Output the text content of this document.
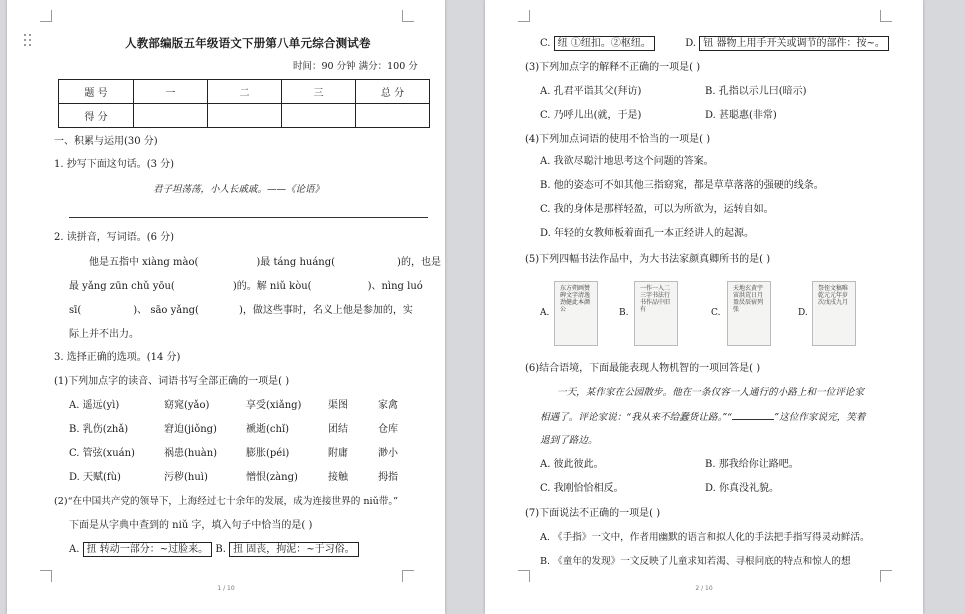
人教部编版五年级语文下册第八单元综合测试卷
时间：90 分钟 满分：100 分
题 号	一	二	三	总 分
得 分				
一、积累与运用(30 分)
1. 抄写下面这句话。(3 分)
君子坦荡荡，小人长戚戚。——《论语》
2. 读拼音，写词语。(6 分)
他是五指中 xiàng mào(	)最 táng huáng(	)的，也是
最 yǎng zūn chǔ yōu(	)的。解 niǔ kòu(	)、nìng luó
sī(	)、 sāo yǎng(	)，做这些事时，名义上他是参加的，实
际上并不出力。
3. 选择正确的选项。(14 分)
(1)下列加点字的读音、词语书写全部正确的一项是( )
A. 遥远(yì)	窈窕(yǎo)	享受(xiǎng)	渠图	家禽
B. 乳伤(zhǎ)	窘迫(jiǒng)	褫逝(chǐ)	团结	仓库
C. 管弦(xuán)	祸患(huàn)	膨胀(péi)	附庸	渺小
D. 天赋(fù)	污秽(huì)	憎恨(zàng)	接触	拇指
(2)“在中国共产党的领导下，上海经过七十余年的发展，成为连接世界的 niǔ带。”
下面是从字典中查到的 niǔ 字，填入句子中恰当的是( )
A. 扭 转动一部分：~过脸来。 B. 扭 固丧，拘泥：~于习俗。
1 / 10
C. 纽 ①纽扣。②枢纽。	D. 钮 器物上用手开关或调节的部件：按~。
(3)下列加点字的解释不正确的一项是( )
A. 孔君平诣其父(拜访)	B. 孔指以示儿曰(暗示)
C. 乃呼儿出(就，于是)	D. 甚聪惠(非常)
(4)下列加点词语的使用不恰当的一项是( )
A. 我欲尽聪汁地思考这个问题的答案。
B. 他的姿态可不如其他三指窈窕，都是草草落落的强硬的线条。
C. 我的身体是那样轻盈，可以为所欲为，运转自如。
D. 年轻的女教师板着面孔一本正经讲人的起源。
(5)下列四幅书法作品中，为大书法家颜真卿所书的是( )
A.
东方朔画赞碑文字清逸劲健此本颜公	B.
一作一入二三字书法行书作品中旧有	C.
天地玄黄宇宙洪荒日月盈昃辰宿列张	D.
祭侄文稿唯乾元元年岁次戊戌九月
(6)结合语境，下面最能表现人物机智的一项回答是( )
一天，某作家在公园散步。他在一条仅容一人通行的小路上和一位评论家
相遇了。评论家说：“我从来不给蠢货让路。”“	”这位作家说完，笑着
退到了路边。
A. 彼此彼此。	B. 那我给你让路吧。
C. 我刚恰恰相反。	D. 你真没礼貌。
(7)下面说法不正确的一项是( )
A. 《手指》一文中，作者用幽默的语言和拟人化的手法把手指写得灵动鲜活。
B. 《童年的发现》一文反映了儿童求知若渴、寻根问底的特点和惊人的想
2 / 10
